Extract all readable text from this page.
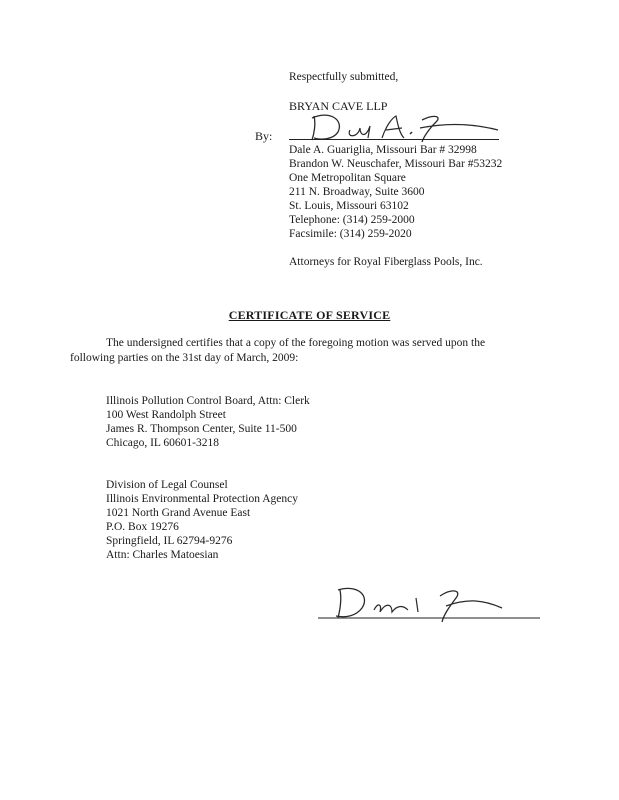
Respectfully submitted,
BRYAN CAVE LLP
By:
Dale A. Guariglia, Missouri Bar # 32998
Brandon W. Neuschafer, Missouri Bar #53232
One Metropolitan Square
211 N. Broadway, Suite 3600
St. Louis, Missouri 63102
Telephone: (314) 259-2000
Facsimile: (314) 259-2020
Attorneys for Royal Fiberglass Pools, Inc.
CERTIFICATE OF SERVICE

The undersigned certifies that a copy of the foregoing motion was served upon the

following parties on the 31st day of March, 2009:

Illinois Pollution Control Board, Attn: Clerk
100 West Randolph Street
James R. Thompson Center, Suite 11-500
Chicago, IL 60601-3218
Division of Legal Counsel
Illinois Environmental Protection Agency
1021 North Grand Avenue East
P.O. Box 19276
Springfield, IL 62794-9276
Attn: Charles Matoesian
